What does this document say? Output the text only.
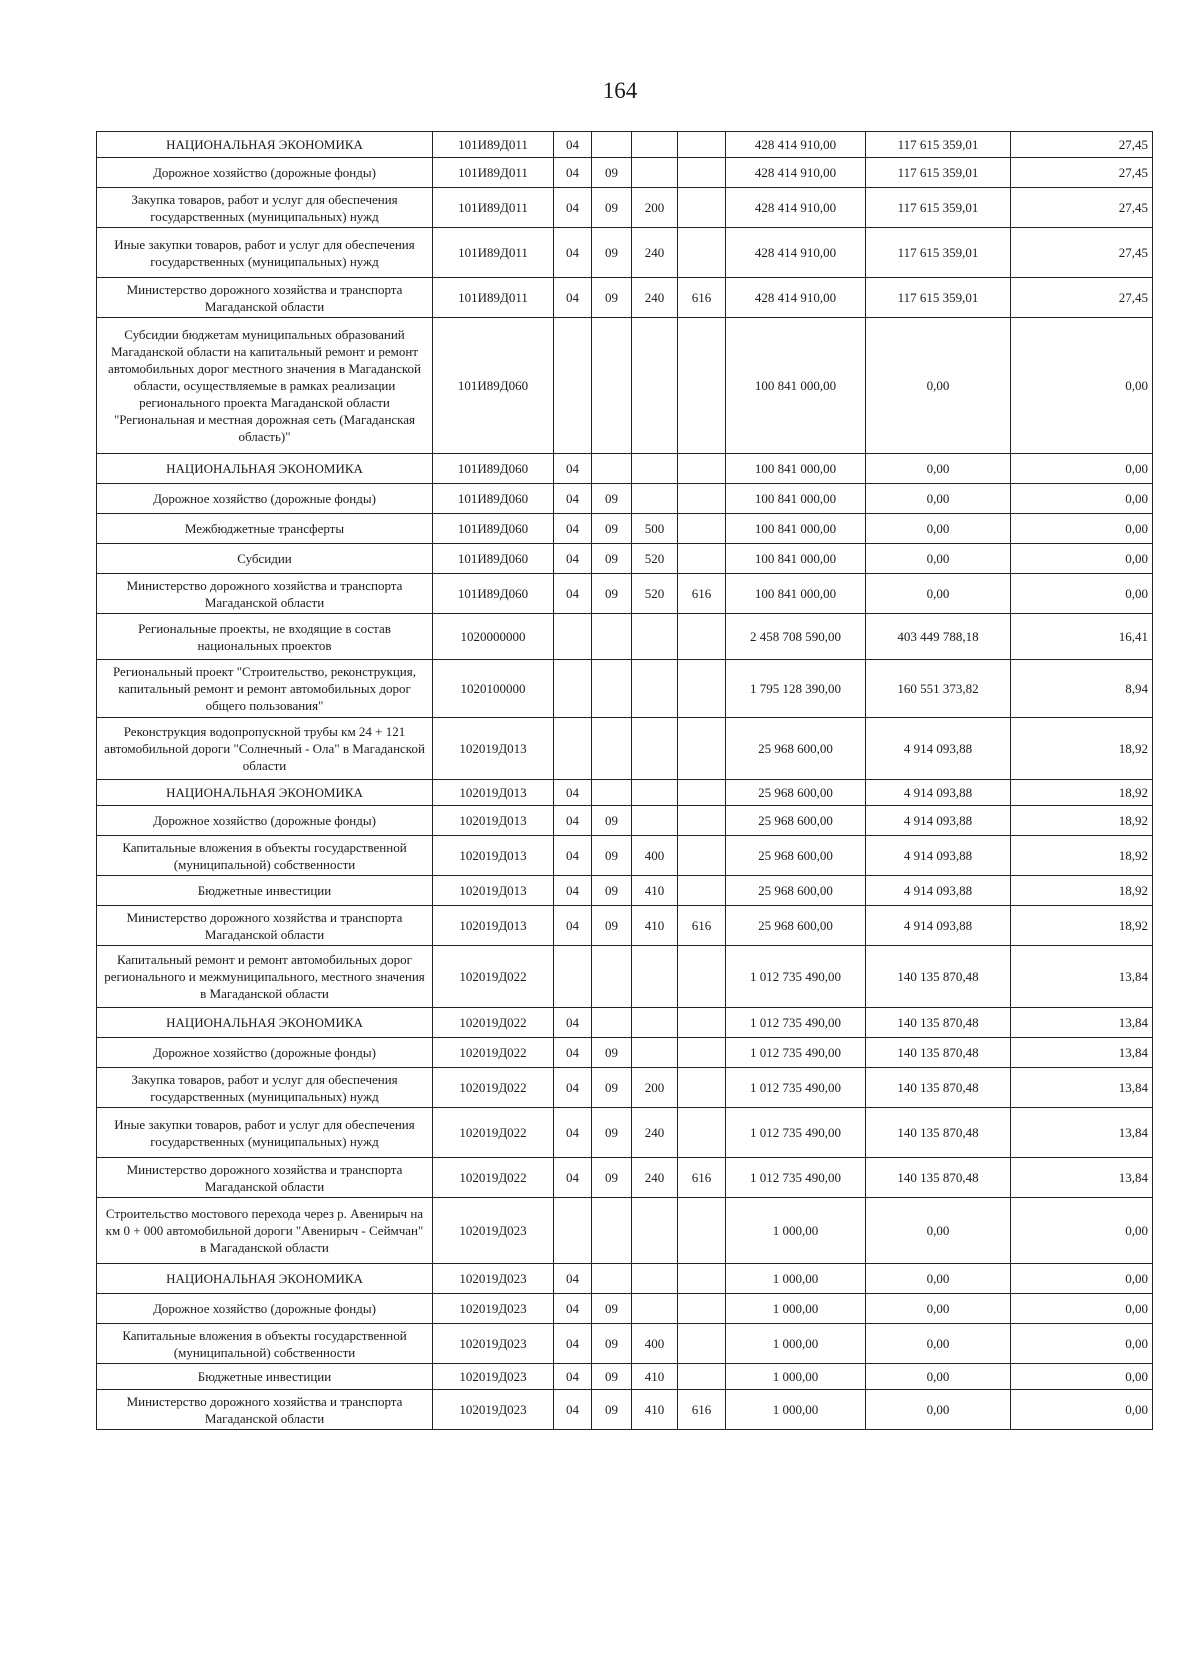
164
НАЦИОНАЛЬНАЯ ЭКОНОМИКА	101И89Д011	04				428 414 910,00	117 615 359,01	27,45
Дорожное хозяйство (дорожные фонды)	101И89Д011	04	09			428 414 910,00	117 615 359,01	27,45
Закупка товаров, работ и услуг для обеспечения государственных (муниципальных) нужд	101И89Д011	04	09	200		428 414 910,00	117 615 359,01	27,45
Иные закупки товаров, работ и услуг для обеспечения государственных (муниципальных) нужд	101И89Д011	04	09	240		428 414 910,00	117 615 359,01	27,45
Министерство дорожного хозяйства и транспорта Магаданской области	101И89Д011	04	09	240	616	428 414 910,00	117 615 359,01	27,45
Субсидии бюджетам муниципальных образований Магаданской области на капитальный ремонт и ремонт автомобильных дорог местного значения в Магаданской области, осуществляемые в рамках реализации регионального проекта Магаданской области "Региональная и местная дорожная сеть (Магаданская область)"	101И89Д060					100 841 000,00	0,00	0,00
НАЦИОНАЛЬНАЯ ЭКОНОМИКА	101И89Д060	04				100 841 000,00	0,00	0,00
Дорожное хозяйство (дорожные фонды)	101И89Д060	04	09			100 841 000,00	0,00	0,00
Межбюджетные трансферты	101И89Д060	04	09	500		100 841 000,00	0,00	0,00
Субсидии	101И89Д060	04	09	520		100 841 000,00	0,00	0,00
Министерство дорожного хозяйства и транспорта Магаданской области	101И89Д060	04	09	520	616	100 841 000,00	0,00	0,00
Региональные проекты, не входящие в состав национальных проектов	1020000000					2 458 708 590,00	403 449 788,18	16,41
Региональный проект "Строительство, реконструкция, капитальный ремонт и ремонт автомобильных дорог общего пользования"	1020100000					1 795 128 390,00	160 551 373,82	8,94
Реконструкция водопропускной трубы км 24 + 121 автомобильной дороги "Солнечный - Ола" в Магаданской области	102019Д013					25 968 600,00	4 914 093,88	18,92
НАЦИОНАЛЬНАЯ ЭКОНОМИКА	102019Д013	04				25 968 600,00	4 914 093,88	18,92
Дорожное хозяйство (дорожные фонды)	102019Д013	04	09			25 968 600,00	4 914 093,88	18,92
Капитальные вложения в объекты государственной (муниципальной) собственности	102019Д013	04	09	400		25 968 600,00	4 914 093,88	18,92
Бюджетные инвестиции	102019Д013	04	09	410		25 968 600,00	4 914 093,88	18,92
Министерство дорожного хозяйства и транспорта Магаданской области	102019Д013	04	09	410	616	25 968 600,00	4 914 093,88	18,92
Капитальный ремонт и ремонт автомобильных дорог регионального и межмуниципального, местного значения в Магаданской области	102019Д022					1 012 735 490,00	140 135 870,48	13,84
НАЦИОНАЛЬНАЯ ЭКОНОМИКА	102019Д022	04				1 012 735 490,00	140 135 870,48	13,84
Дорожное хозяйство (дорожные фонды)	102019Д022	04	09			1 012 735 490,00	140 135 870,48	13,84
Закупка товаров, работ и услуг для обеспечения государственных (муниципальных) нужд	102019Д022	04	09	200		1 012 735 490,00	140 135 870,48	13,84
Иные закупки товаров, работ и услуг для обеспечения государственных (муниципальных) нужд	102019Д022	04	09	240		1 012 735 490,00	140 135 870,48	13,84
Министерство дорожного хозяйства и транспорта Магаданской области	102019Д022	04	09	240	616	1 012 735 490,00	140 135 870,48	13,84
Строительство мостового перехода через р. Авенирыч на км 0 + 000 автомобильной дороги "Авенирыч - Сеймчан" в Магаданской области	102019Д023					1 000,00	0,00	0,00
НАЦИОНАЛЬНАЯ ЭКОНОМИКА	102019Д023	04				1 000,00	0,00	0,00
Дорожное хозяйство (дорожные фонды)	102019Д023	04	09			1 000,00	0,00	0,00
Капитальные вложения в объекты государственной (муниципальной) собственности	102019Д023	04	09	400		1 000,00	0,00	0,00
Бюджетные инвестиции	102019Д023	04	09	410		1 000,00	0,00	0,00
Министерство дорожного хозяйства и транспорта Магаданской области	102019Д023	04	09	410	616	1 000,00	0,00	0,00
